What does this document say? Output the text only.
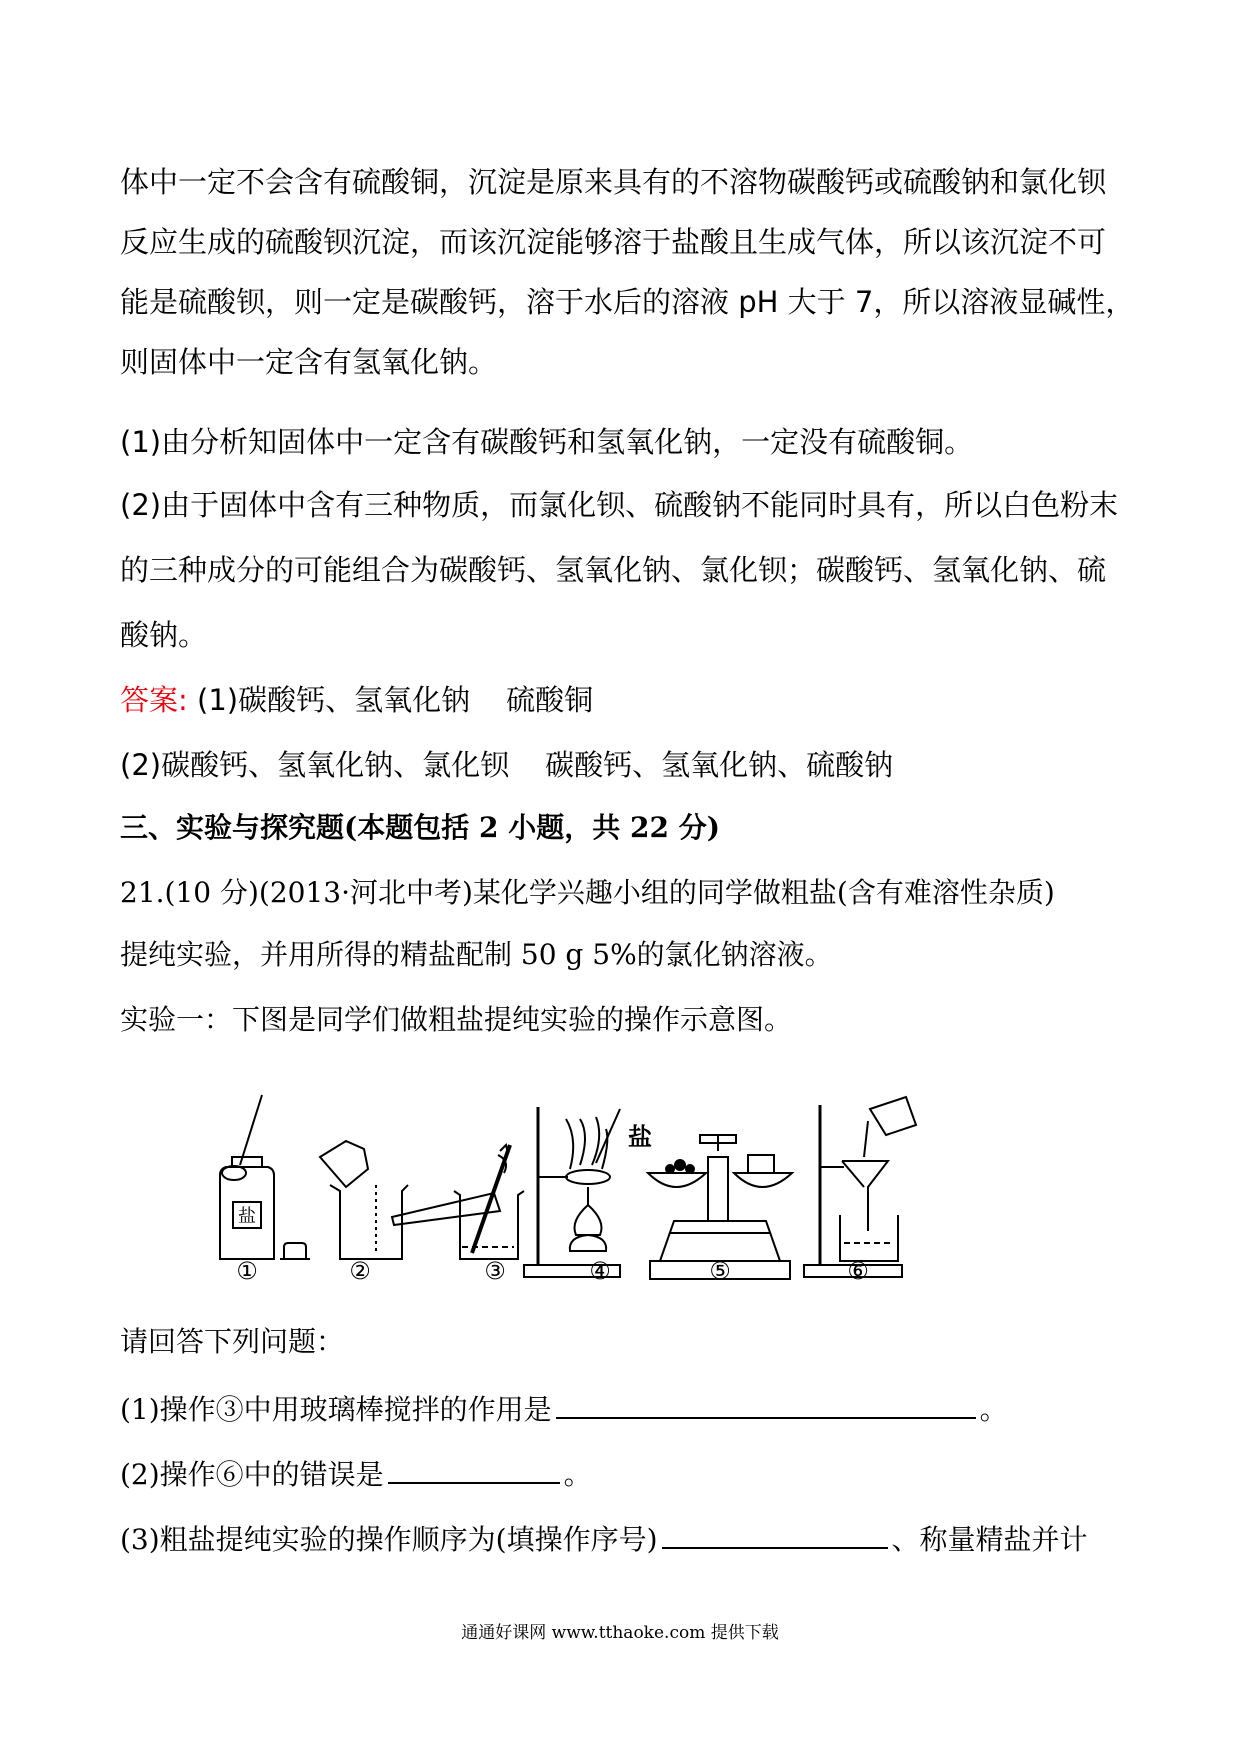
体中一定不会含有硫酸铜，沉淀是原来具有的不溶物碳酸钙或硫酸钠和氯化钡
反应生成的硫酸钡沉淀，而该沉淀能够溶于盐酸且生成气体，所以该沉淀不可
能是硫酸钡，则一定是碳酸钙，溶于水后的溶液 pH 大于 7，所以溶液显碱性，
则固体中一定含有氢氧化钠。
(1)由分析知固体中一定含有碳酸钙和氢氧化钠，一定没有硫酸铜。
(2)由于固体中含有三种物质，而氯化钡、硫酸钠不能同时具有，所以白色粉末
的三种成分的可能组合为碳酸钙、氢氧化钠、氯化钡；碳酸钙、氢氧化钠、硫
酸钠。
答案: (1)碳酸钙、氢氧化钠 硫酸铜
(2)碳酸钙、氢氧化钠、氯化钡 碳酸钙、氢氧化钠、硫酸钠
三、实验与探究题(本题包括 2 小题，共 22 分)
21.(10 分)(2013·河北中考)某化学兴趣小组的同学做粗盐(含有难溶性杂质)
提纯实验，并用所得的精盐配制 50 g 5%的氯化钠溶液。
实验一：下图是同学们做粗盐提纯实验的操作示意图。
盐
盐
①	②	③	④	⑤	⑥
请回答下列问题：
(1)操作③中用玻璃棒搅拌的作用是	。
(2)操作⑥中的错误是	。
(3)粗盐提纯实验的操作顺序为(填操作序号)	、称量精盐并计
通通好课网 www.tthaoke.com 提供下载
